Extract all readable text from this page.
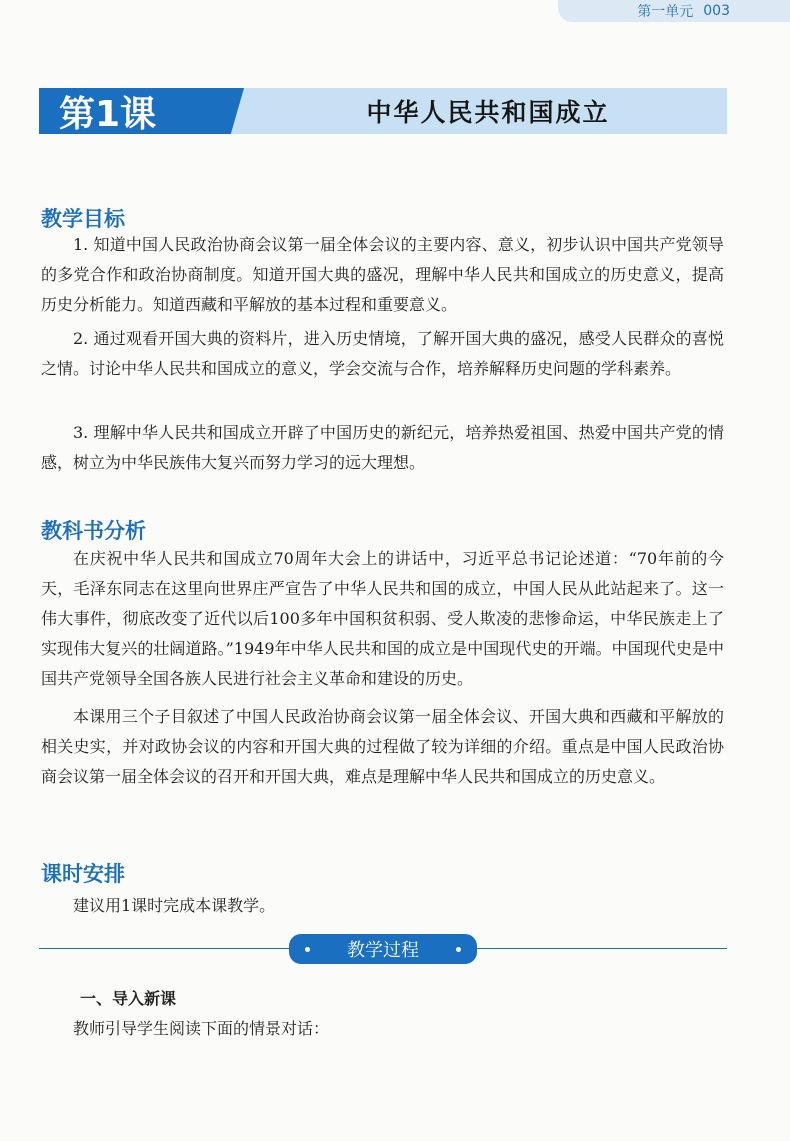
第一单元 003
第1课	中华人民共和国成立
教学目标

1. 知道中国人民政治协商会议第一届全体会议的主要内容、意义，初步认识中国共产党领导的多党合作和政治协商制度。知道开国大典的盛况，理解中华人民共和国成立的历史意义，提高历史分析能力。知道西藏和平解放的基本过程和重要意义。

2. 通过观看开国大典的资料片，进入历史情境，了解开国大典的盛况，感受人民群众的喜悦之情。讨论中华人民共和国成立的意义，学会交流与合作，培养解释历史问题的学科素养。

3. 理解中华人民共和国成立开辟了中国历史的新纪元，培养热爱祖国、热爱中国共产党的情感，树立为中华民族伟大复兴而努力学习的远大理想。

教科书分析

在庆祝中华人民共和国成立70周年大会上的讲话中，习近平总书记论述道：“70年前的今天，毛泽东同志在这里向世界庄严宣告了中华人民共和国的成立，中国人民从此站起来了。这一伟大事件，彻底改变了近代以后100多年中国积贫积弱、受人欺凌的悲惨命运，中华民族走上了实现伟大复兴的壮阔道路。”1949年中华人民共和国的成立是中国现代史的开端。中国现代史是中国共产党领导全国各族人民进行社会主义革命和建设的历史。

本课用三个子目叙述了中国人民政治协商会议第一届全体会议、开国大典和西藏和平解放的相关史实，并对政协会议的内容和开国大典的过程做了较为详细的介绍。重点是中国人民政治协商会议第一届全体会议的召开和开国大典，难点是理解中华人民共和国成立的历史意义。

课时安排

建议用1课时完成本课教学。

教学过程
一、导入新课

教师引导学生阅读下面的情景对话：
